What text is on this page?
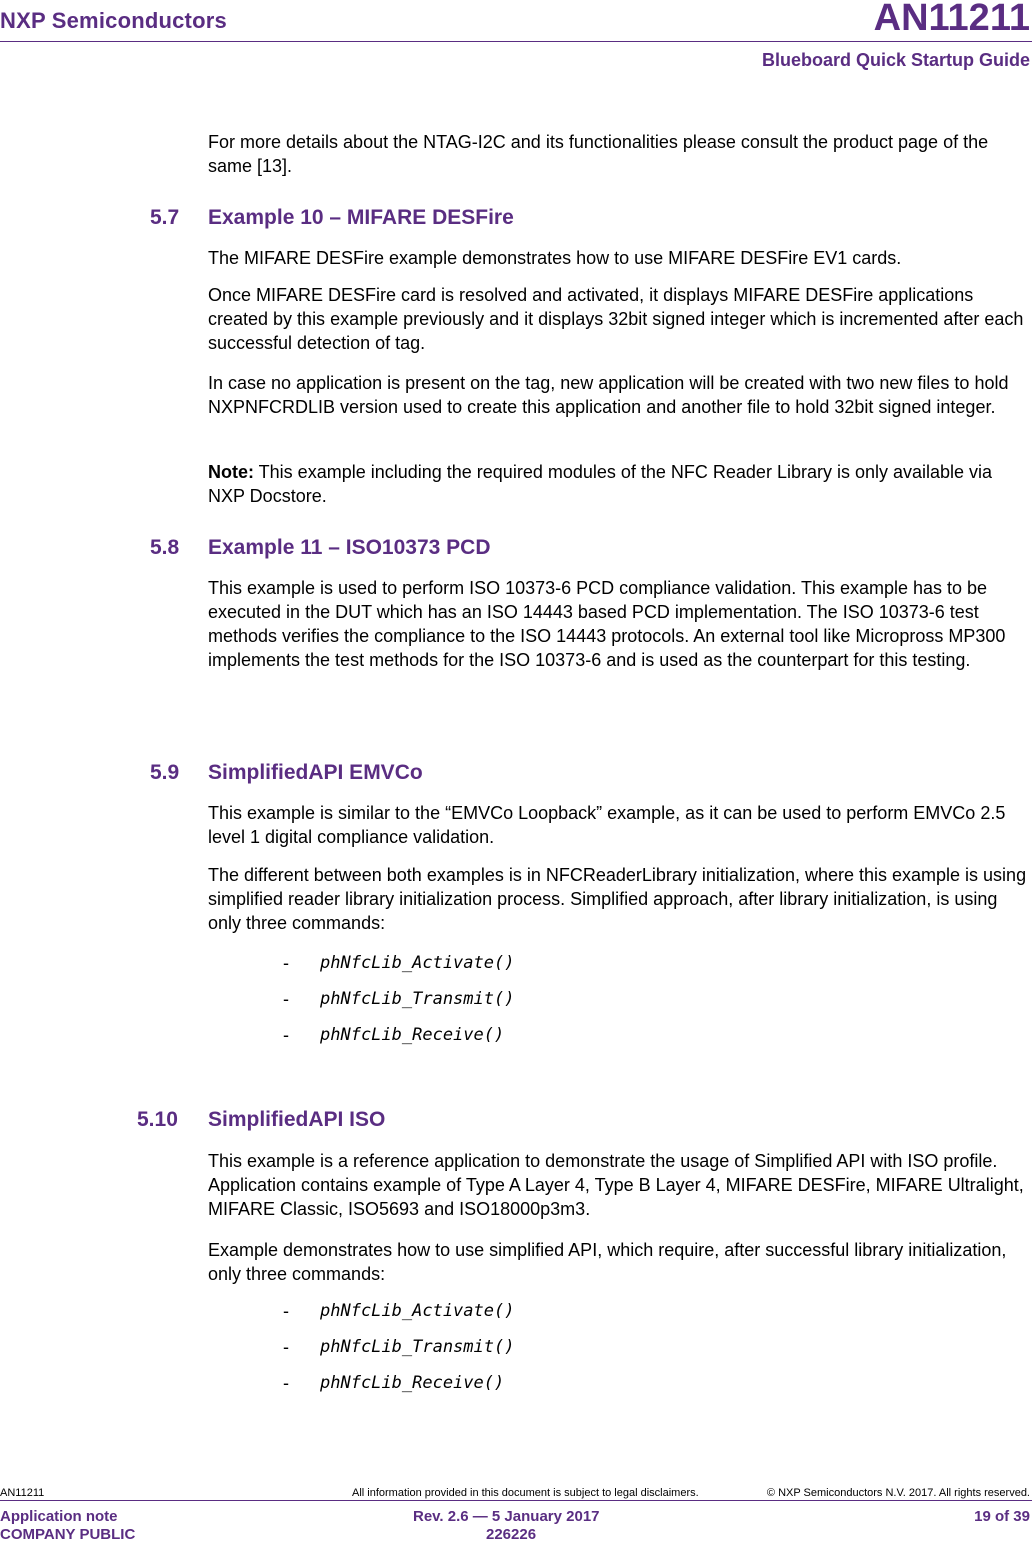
NXP Semiconductors	AN11211
Blueboard Quick Startup Guide
For more details about the NTAG-I2C and its functionalities please consult the product page of the same [13].
5.7 Example 10 – MIFARE DESFire
The MIFARE DESFire example demonstrates how to use MIFARE DESFire EV1 cards.
Once MIFARE DESFire card is resolved and activated, it displays MIFARE DESFire applications created by this example previously and it displays 32bit signed integer which is incremented after each successful detection of tag.
In case no application is present on the tag, new application will be created with two new files to hold NXPNFCRDLIB version used to create this application and another file to hold 32bit signed integer.
Note: This example including the required modules of the NFC Reader Library is only available via NXP Docstore.
5.8 Example 11 – ISO10373 PCD
This example is used to perform ISO 10373-6 PCD compliance validation. This example has to be executed in the DUT which has an ISO 14443 based PCD implementation. The ISO 10373-6 test methods verifies the compliance to the ISO 14443 protocols. An external tool like Micropross MP300 implements the test methods for the ISO 10373-6 and is used as the counterpart for this testing.
5.9 SimplifiedAPI EMVCo
This example is similar to the “EMVCo Loopback” example, as it can be used to perform EMVCo 2.5 level 1 digital compliance validation.
The different between both examples is in NFCReaderLibrary initialization, where this example is using simplified reader library initialization process. Simplified approach, after library initialization, is using only three commands:
- phNfcLib_Activate()
- phNfcLib_Transmit()
- phNfcLib_Receive()
5.10 SimplifiedAPI ISO
This example is a reference application to demonstrate the usage of Simplified API with ISO profile. Application contains example of Type A Layer 4, Type B Layer 4, MIFARE DESFire, MIFARE Ultralight, MIFARE Classic, ISO5693 and ISO18000p3m3.
Example demonstrates how to use simplified API, which require, after successful library initialization, only three commands:
- phNfcLib_Activate()
- phNfcLib_Transmit()
- phNfcLib_Receive()
AN11211	All information provided in this document is subject to legal disclaimers.	© NXP Semiconductors N.V. 2017. All rights reserved.
Application note
COMPANY PUBLIC
Rev. 2.6 — 5 January 2017
226226
19 of 39
